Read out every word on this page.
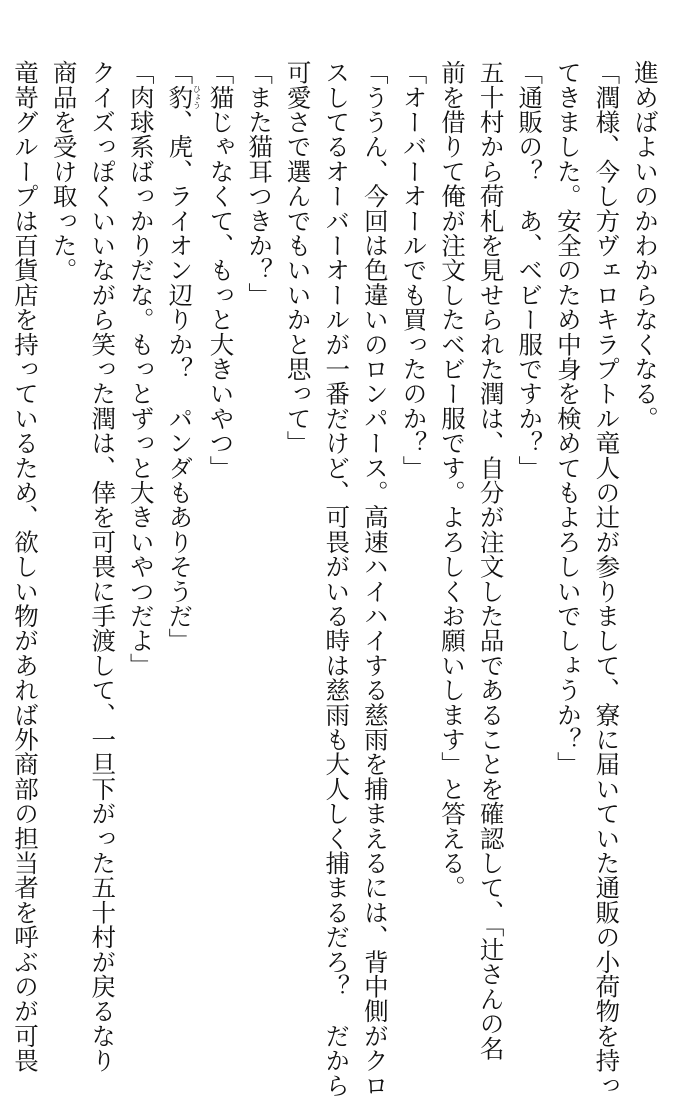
進めばよいのかわからなくなる。
「潤様、今し方ヴェロキラプトル竜人の辻が参りまして、寮に届いていた通販の小荷物を持っ
てきました。安全のため中身を検めてもよろしいでしょうか？」
「通販の？　あ、ベビー服ですか？」
五十村から荷札を見せられた潤は、自分が注文した品であることを確認して、「辻さんの名
前を借りて俺が注文したベビー服です。よろしくお願いします」と答える。
「オーバーオールでも買ったのか？」
「ううん、今回は色違いのロンパース。高速ハイハイする慈雨を捕まえるには、背中側がクロ
スしてるオーバーオールが一番だけど、可畏がいる時は慈雨も大人しく捕まるだろ？　だから
可愛さで選んでもいいかと思って」
「また猫耳つきか？」
「猫じゃなくて、もっと大きいやつ」
「豹ひょう、虎、ライオン辺りか？　パンダもありそうだ」
「肉球系ばっかりだな。もっとずっと大きいやつだよ」
クイズっぽくいいながら笑った潤は、倖を可畏に手渡して、一旦下がった五十村が戻るなり
商品を受け取った。
竜嵜グループは百貨店を持っているため、欲しい物があれば外商部の担当者を呼ぶのが可畏
